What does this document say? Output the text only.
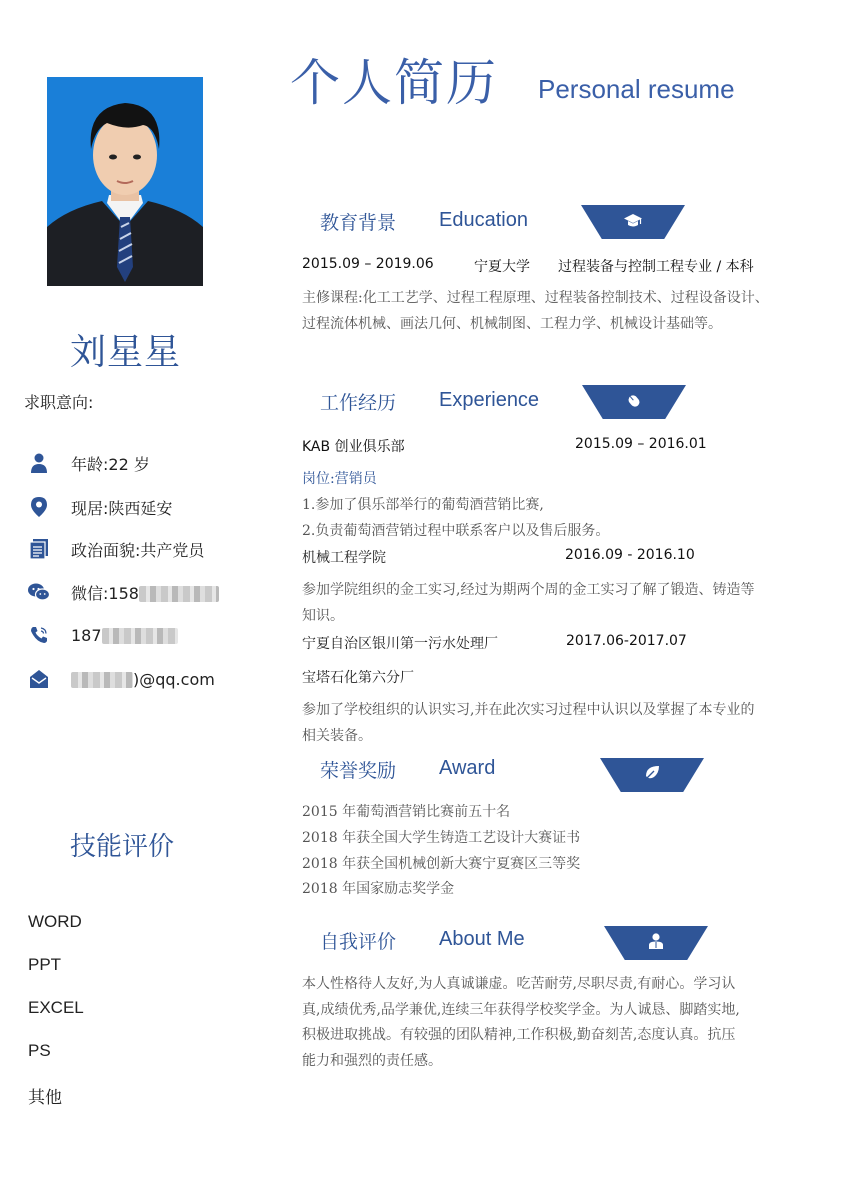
个人简历 Personal resume
刘星星
求职意向:
年龄:22 岁
现居:陕西延安
政治面貌:共产党员
微信:158
187
)@qq.com
技能评价
WORD
PPT
EXCEL
PS
其他
教育背景 Education
2015.09 – 2019.06	宁夏大学 过程装备与控制工程专业 / 本科
主修课程:化工工艺学、过程工程原理、过程装备控制技术、过程设备设计、
过程流体机械、画法几何、机械制图、工程力学、机械设计基础等。
工作经历 Experience
KAB 创业俱乐部	2015.09 – 2016.01
岗位:营销员
1.参加了俱乐部举行的葡萄酒营销比赛,
2.负责葡萄酒营销过程中联系客户以及售后服务。
机械工程学院	2016.09 - 2016.10
参加学院组织的金工实习,经过为期两个周的金工实习了解了锻造、铸造等
知识。
宁夏自治区银川第一污水处理厂	2017.06-2017.07
宝塔石化第六分厂
参加了学校组织的认识实习,并在此次实习过程中认识以及掌握了本专业的
相关装备。
荣誉奖励 Award
2015 年葡萄酒营销比赛前五十名
2018 年获全国大学生铸造工艺设计大赛证书
2018 年获全国机械创新大赛宁夏赛区三等奖
2018 年国家励志奖学金
自我评价 About Me
本人性格待人友好,为人真诚谦虚。吃苦耐劳,尽职尽责,有耐心。学习认
真,成绩优秀,品学兼优,连续三年获得学校奖学金。为人诚恳、脚踏实地,
积极进取挑战。有较强的团队精神,工作积极,勤奋刻苦,态度认真。抗压
能力和强烈的责任感。
